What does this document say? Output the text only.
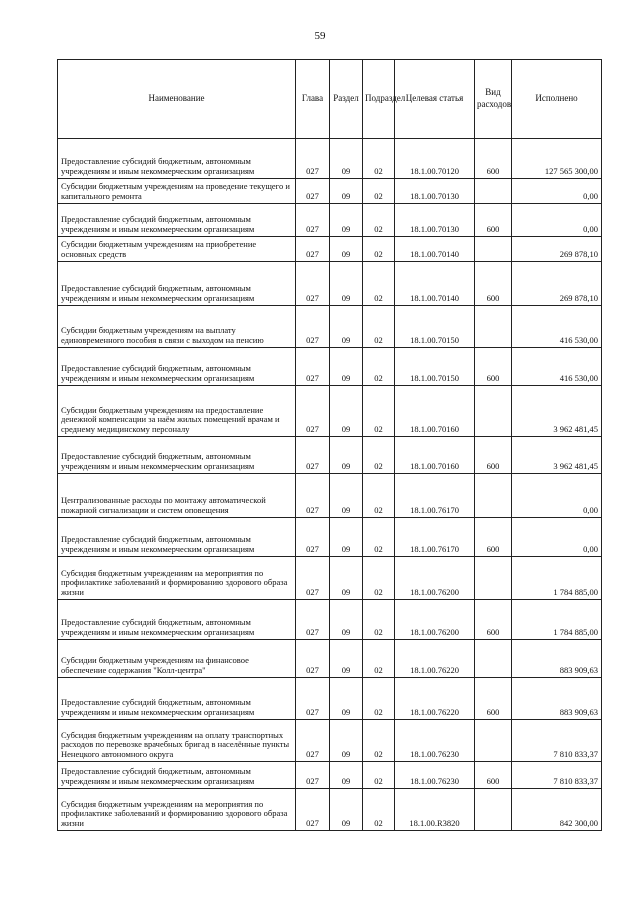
59
Наименование	Глава	Раздел	Подраздел	Целевая статья	Вид расходов	Исполнено
Предоставление субсидий бюджетным, автономным учреждениям и иным некоммерческим организациям	027	09	02	18.1.00.70120	600	127 565 300,00
Субсидии бюджетным учреждениям на проведение текущего и капитального ремонта	027	09	02	18.1.00.70130		0,00
Предоставление субсидий бюджетным, автономным учреждениям и иным некоммерческим организациям	027	09	02	18.1.00.70130	600	0,00
Субсидии бюджетным учреждениям на приобретение основных средств	027	09	02	18.1.00.70140		269 878,10
Предоставление субсидий бюджетным, автономным учреждениям и иным некоммерческим организациям	027	09	02	18.1.00.70140	600	269 878,10
Субсидии бюджетным учреждениям на выплату единовременного пособия в связи с выходом на пенсию	027	09	02	18.1.00.70150		416 530,00
Предоставление субсидий бюджетным, автономным учреждениям и иным некоммерческим организациям	027	09	02	18.1.00.70150	600	416 530,00
Субсидии бюджетным учреждениям на предоставление денежной компенсации за наём жилых помещений врачам и среднему медицинскому персоналу	027	09	02	18.1.00.70160		3 962 481,45
Предоставление субсидий бюджетным, автономным учреждениям и иным некоммерческим организациям	027	09	02	18.1.00.70160	600	3 962 481,45
Централизованные расходы по монтажу автоматической пожарной сигнализации и систем оповещения	027	09	02	18.1.00.76170		0,00
Предоставление субсидий бюджетным, автономным учреждениям и иным некоммерческим организациям	027	09	02	18.1.00.76170	600	0,00
Субсидия бюджетным учреждениям на мероприятия по профилактике заболеваний и формированию здорового образа жизни	027	09	02	18.1.00.76200		1 784 885,00
Предоставление субсидий бюджетным, автономным учреждениям и иным некоммерческим организациям	027	09	02	18.1.00.76200	600	1 784 885,00
Субсидии бюджетным учреждениям на финансовое обеспечение содержания "Колл-центра"	027	09	02	18.1.00.76220		883 909,63
Предоставление субсидий бюджетным, автономным учреждениям и иным некоммерческим организациям	027	09	02	18.1.00.76220	600	883 909,63
Субсидия бюджетным учреждениям на оплату транспортных расходов по перевозке врачебных бригад в населённые пункты Ненецкого автономного округа	027	09	02	18.1.00.76230		7 810 833,37
Предоставление субсидий бюджетным, автономным учреждениям и иным некоммерческим организациям	027	09	02	18.1.00.76230	600	7 810 833,37
Субсидия бюджетным учреждениям на мероприятия по профилактике заболеваний и формированию здорового образа жизни	027	09	02	18.1.00.R3820		842 300,00
